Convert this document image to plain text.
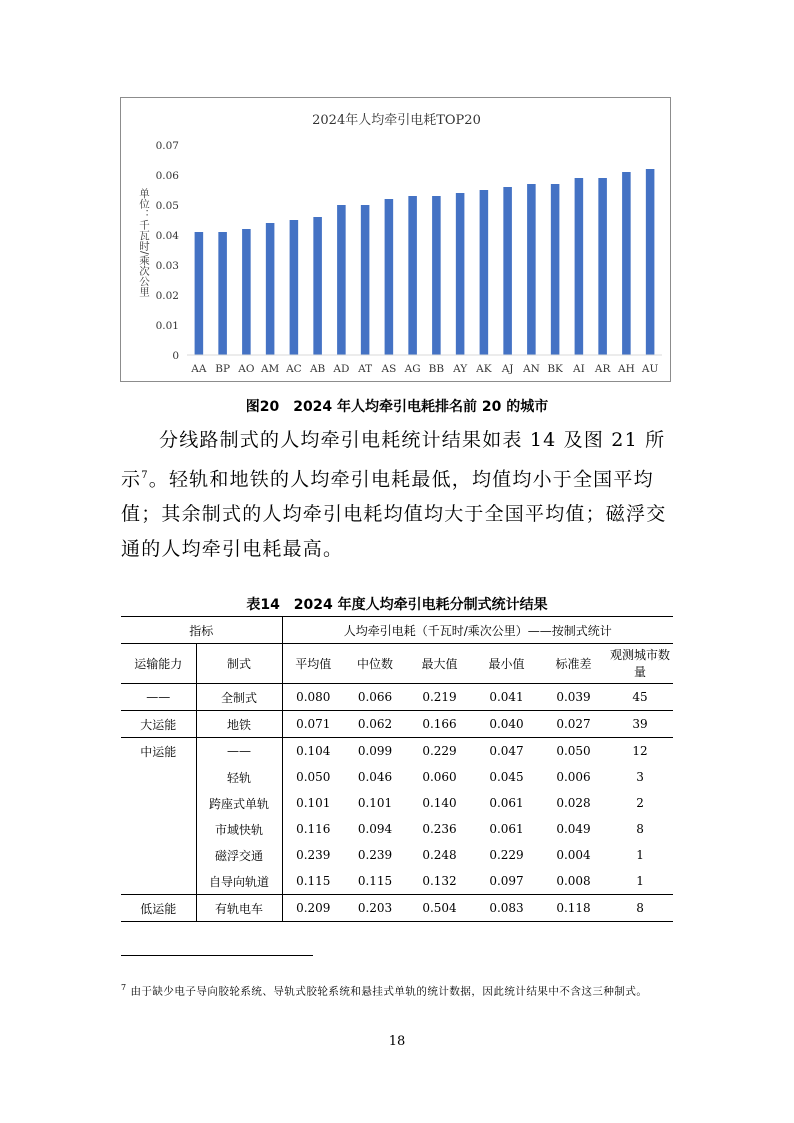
2024年人均牵引电耗TOP20
0
0.01
0.02
0.03
0.04
0.05
0.06
0.07
单位：千瓦时/乘次公里
AA BP AO AM AC AB AD AT AS AG BB AY AK AJ AN BK AI AR AH AU
图20　2024 年人均牵引电耗排名前 20 的城市

分线路制式的人均牵引电耗统计结果如表 14 及图 21 所示$^7$。轻轨和地铁的人均牵引电耗最低，均值均小于全国平均值；其余制式的人均牵引电耗均值均大于全国平均值；磁浮交通的人均牵引电耗最高。

表14　2024 年度人均牵引电耗分制式统计结果
指标		人均牵引电耗（千瓦时/乘次公里）——按制式统计					
运输能力	制式	平均值	中位数	最大值	最小值	标准差	观测城市数量
——	全制式	0.080	0.066	0.219	0.041	0.039	45
大运能	地铁	0.071	0.062	0.166	0.040	0.027	39
中运能	——	0.104	0.099	0.229	0.047	0.050	12
	轻轨	0.050	0.046	0.060	0.045	0.006	3
	跨座式单轨	0.101	0.101	0.140	0.061	0.028	2
	市域快轨	0.116	0.094	0.236	0.061	0.049	8
	磁浮交通	0.239	0.239	0.248	0.229	0.004	1
	自导向轨道	0.115	0.115	0.132	0.097	0.008	1
低运能	有轨电车	0.209	0.203	0.504	0.083	0.118	8

$^7$ 由于缺少电子导向胶轮系统、导轨式胶轮系统和悬挂式单轨的统计数据，因此统计结果中不含这三种制式。

18
